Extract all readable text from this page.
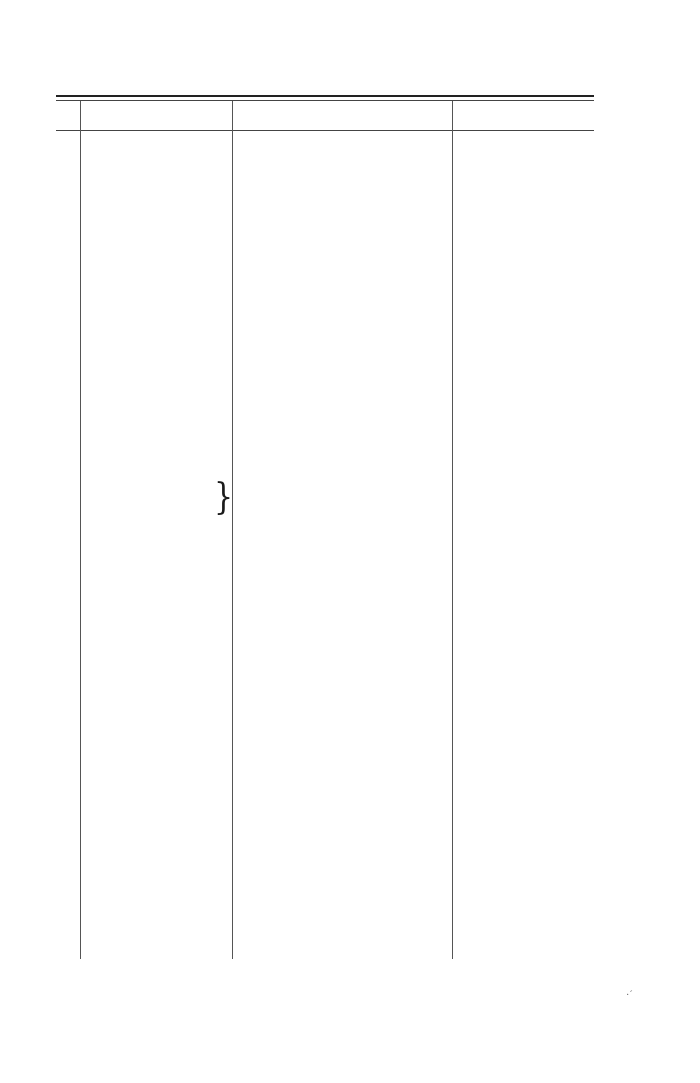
}
·´
